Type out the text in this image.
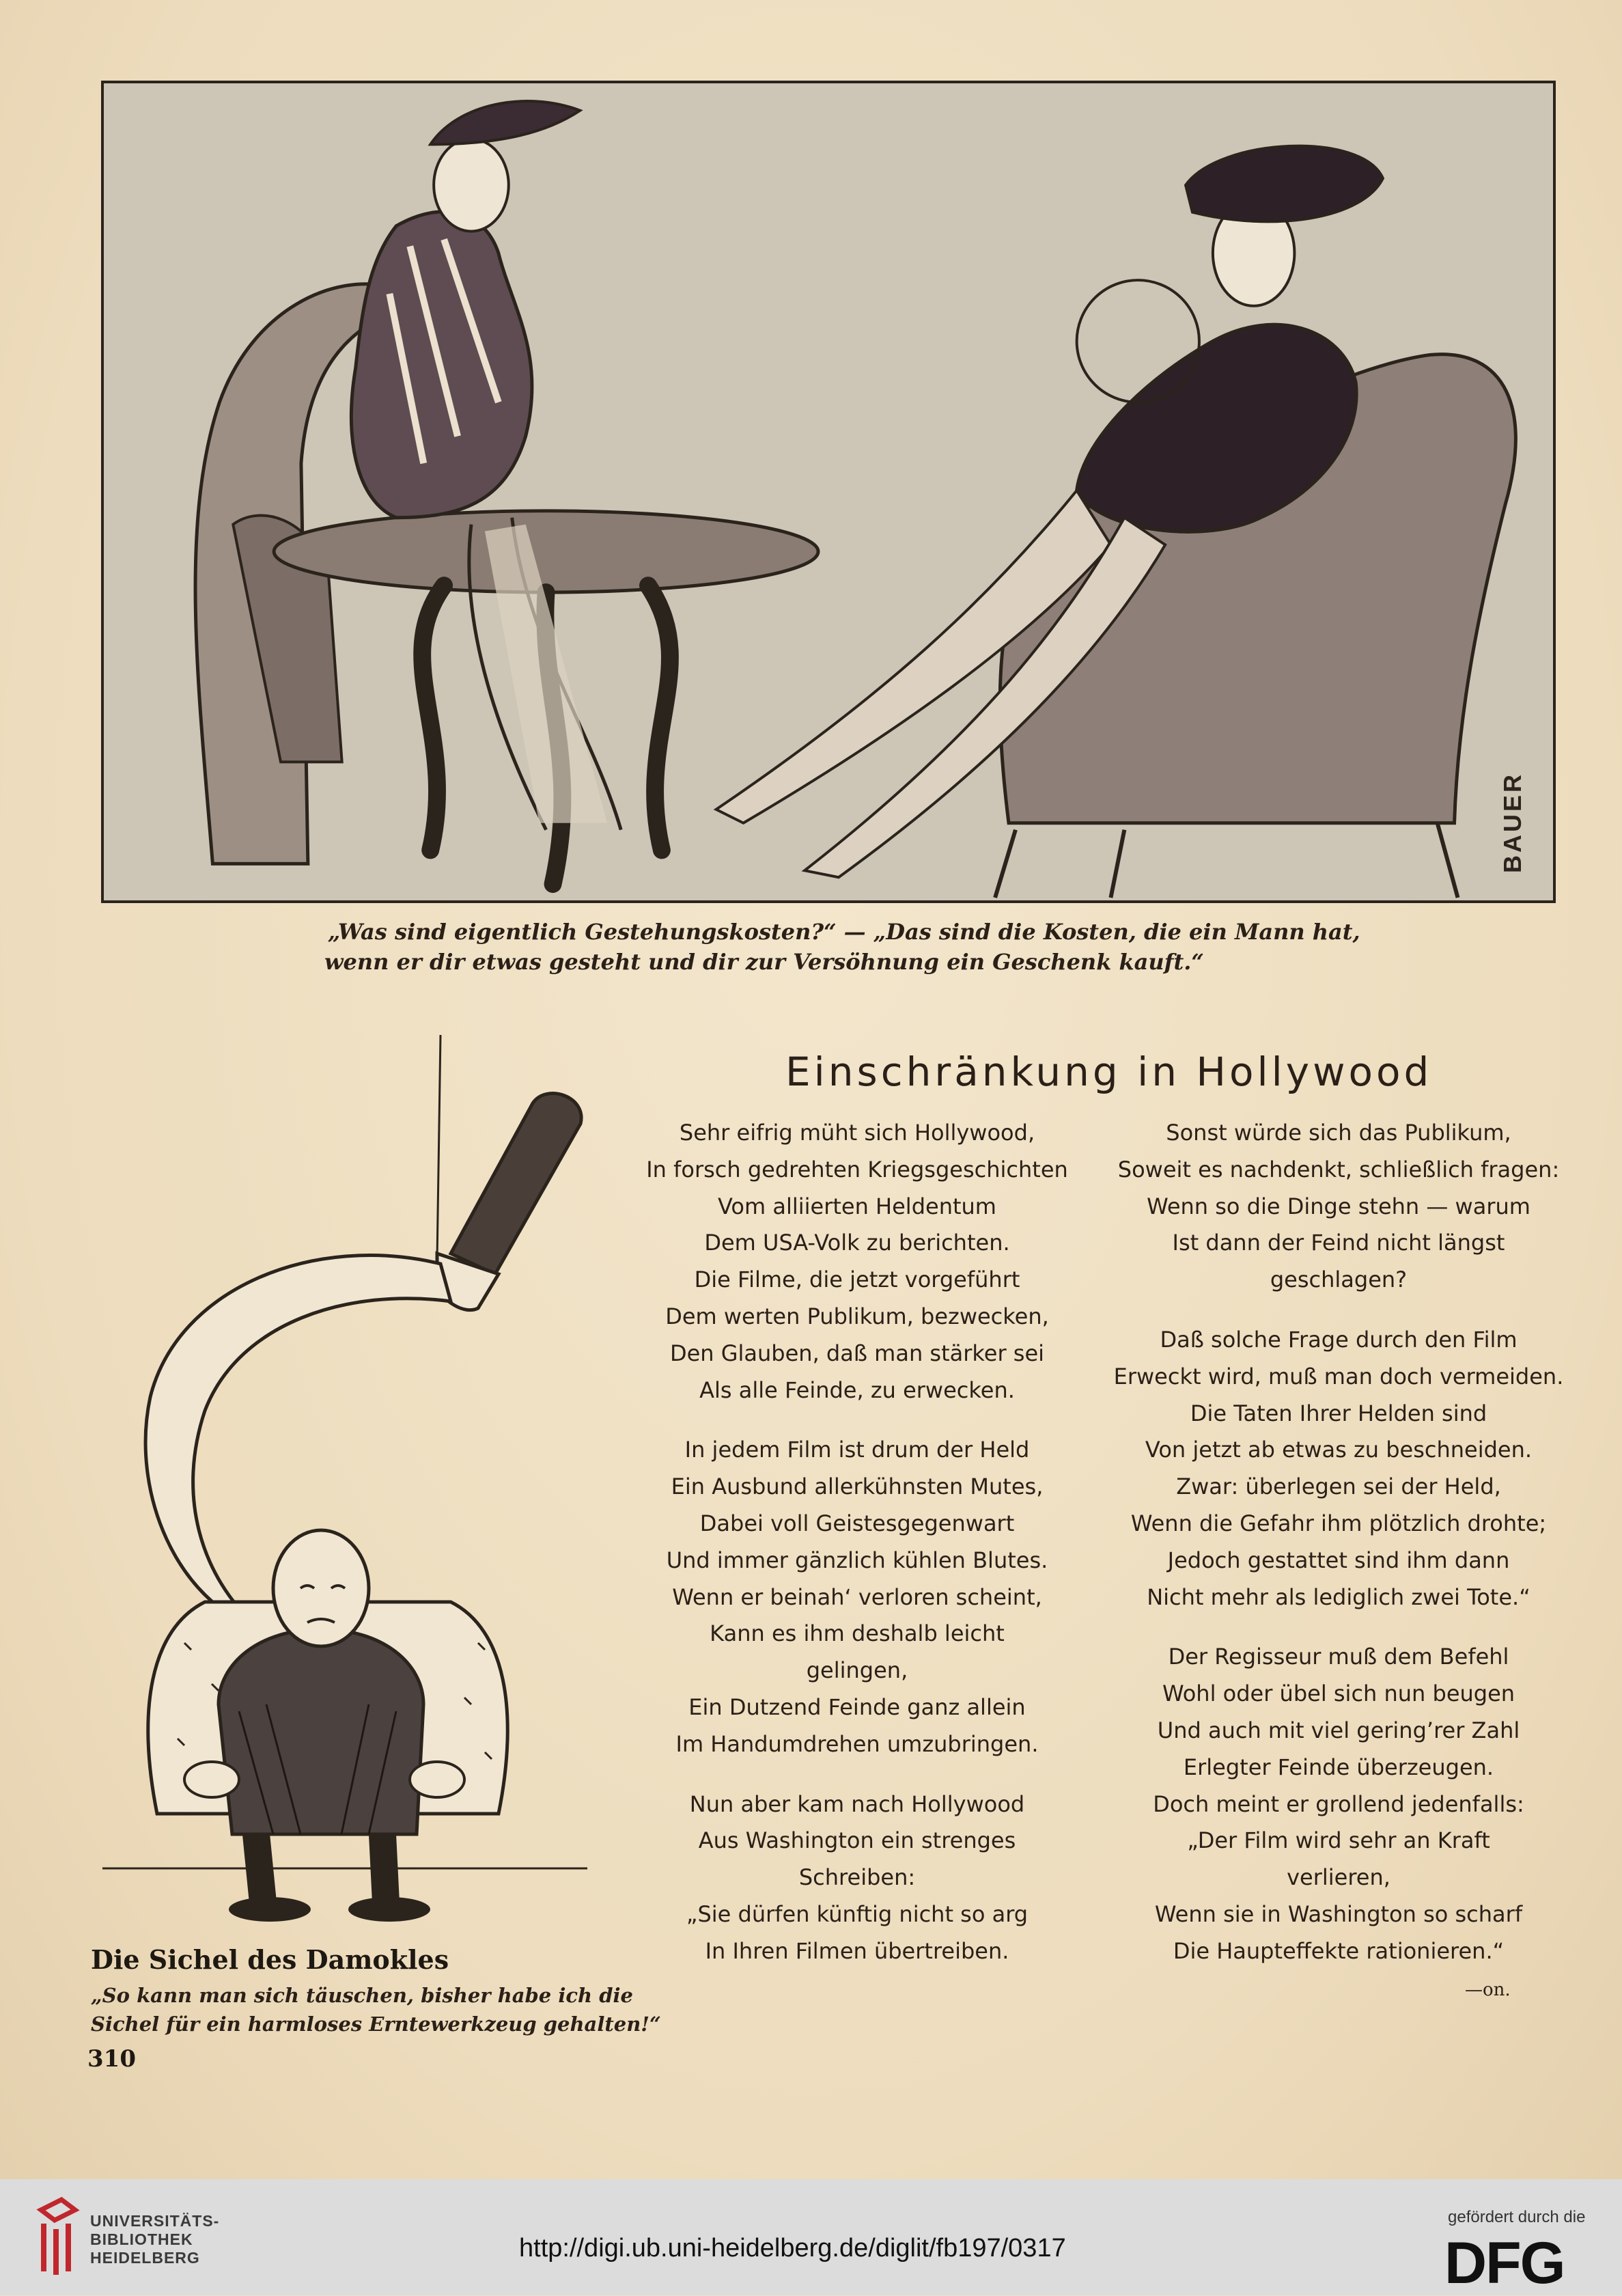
BAUER
„Was sind eigentlich Gestehungskosten?“ — „Das sind die Kosten, die ein Mann hat,
wenn er dir etwas gesteht und dir zur Versöhnung ein Geschenk kauft.“
Einschränkung in Hollywood
Sehr eifrig müht sich Hollywood,
In forsch gedrehten Kriegsgeschichten
Vom alliierten Heldentum
Dem USA-Volk zu berichten.
Die Filme, die jetzt vorgeführt
Dem werten Publikum, bezwecken,
Den Glauben, daß man stärker sei
Als alle Feinde, zu erwecken.
In jedem Film ist drum der Held
Ein Ausbund allerkühnsten Mutes,
Dabei voll Geistesgegenwart
Und immer gänzlich kühlen Blutes.
Wenn er beinah‘ verloren scheint,
Kann es ihm deshalb leicht
gelingen,
Ein Dutzend Feinde ganz allein
Im Handumdrehen umzubringen.
Nun aber kam nach Hollywood
Aus Washington ein strenges
Schreiben:
„Sie dürfen künftig nicht so arg
In Ihren Filmen übertreiben.
Sonst würde sich das Publikum,
Soweit es nachdenkt, schließlich fragen:
Wenn so die Dinge stehn — warum
Ist dann der Feind nicht längst
geschlagen?
Daß solche Frage durch den Film
Erweckt wird, muß man doch vermeiden.
Die Taten Ihrer Helden sind
Von jetzt ab etwas zu beschneiden.
Zwar: überlegen sei der Held,
Wenn die Gefahr ihm plötzlich drohte;
Jedoch gestattet sind ihm dann
Nicht mehr als lediglich zwei Tote.“
Der Regisseur muß dem Befehl
Wohl oder übel sich nun beugen
Und auch mit viel gering’rer Zahl
Erlegter Feinde überzeugen.
Doch meint er grollend jedenfalls:
„Der Film wird sehr an Kraft
verlieren,
Wenn sie in Washington so scharf
Die Haupteffekte rationieren.“
—on.
Die Sichel des Damokles
„So kann man sich täuschen, bisher habe ich die
Sichel für ein harmloses Erntewerkzeug gehalten!“
310
UNIVERSITÄTS-
BIBLIOTHEK
HEIDELBERG	http://digi.ub.uni-heidelberg.de/diglit/fb197/0317
gefördert durch die
DFG
